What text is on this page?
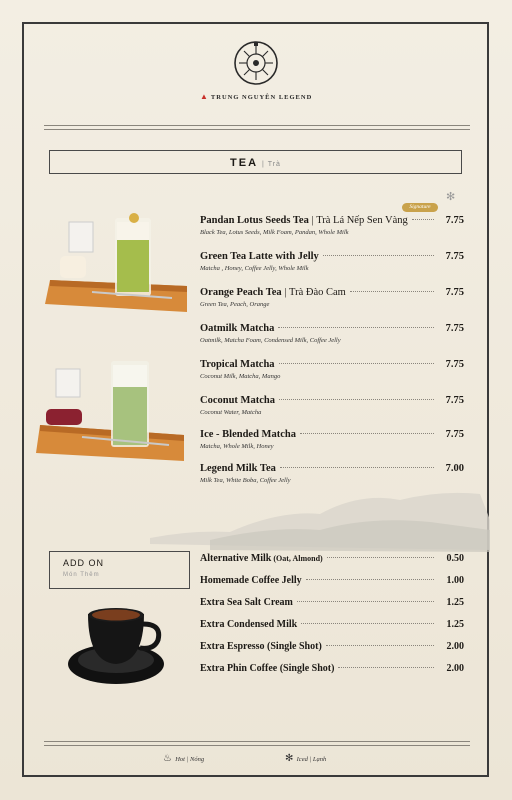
▲ TRUNG NGUYÊN LEGEND
TEA | Trà
Signature
✻
Pandan Lotus Seeds Tea | Trà Lá Nếp Sen Vàng	7.75
Black Tea, Lotus Seeds, Milk Foam, Pandan, Whole Milk
Green Tea Latte with Jelly	7.75
Matcha , Honey, Coffee Jelly, Whole Milk
Orange Peach Tea | Trà Đào Cam	7.75
Green Tea, Peach, Orange
Oatmilk Matcha	7.75
Oatmilk, Matcha Foam, Condensed Milk, Coffee Jelly
Tropical Matcha	7.75
Coconut Milk, Matcha, Mango
Coconut Matcha	7.75
Coconut Water, Matcha
Ice - Blended Matcha	7.75
Matcha, Whole Milk, Honey
Legend Milk Tea	7.00
Milk Tea, White Boba, Coffee Jelly
ADD ON
Món Thêm
Alternative Milk
(Oat, Almond)	0.50
Homemade Coffee Jelly	1.00
Extra Sea Salt Cream	1.25
Extra Condensed Milk	1.25
Extra Espresso (Single Shot)	2.00
Extra Phin Coffee (Single Shot)	2.00
♨ Hot | Nóng	✻ Iced | Lạnh
